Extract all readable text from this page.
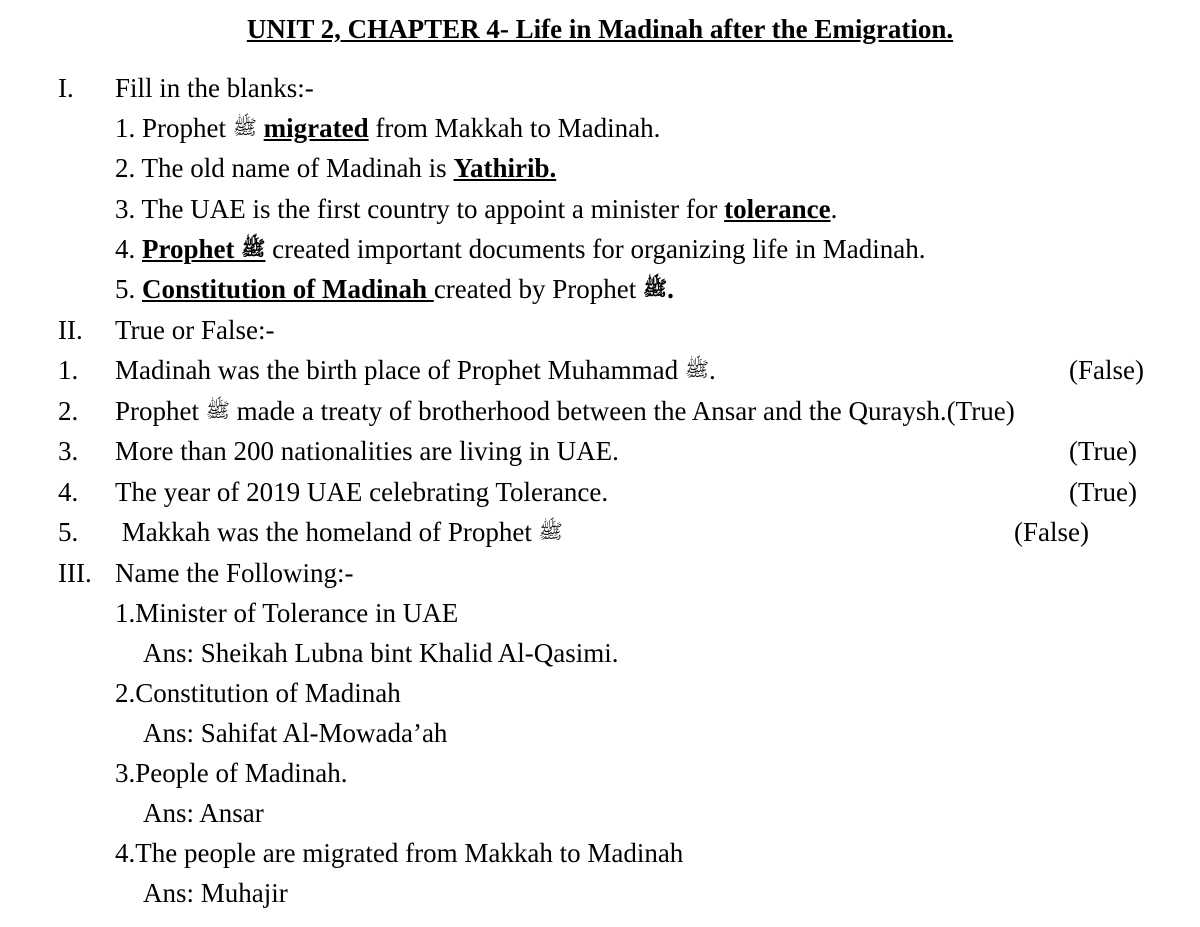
UNIT 2, CHAPTER 4- Life in Madinah after the Emigration.
I. Fill in the blanks:-
1. Prophet ﷺ migrated from Makkah to Madinah.
2. The old name of Madinah is Yathirib.
3. The UAE is the first country to appoint a minister for tolerance.
4. Prophet ﷺ created important documents for organizing life in Madinah.
5. Constitution of Madinah created by Prophet ﷺ.
II. True or False:-
1. Madinah was the birth place of Prophet Muhammad ﷺ.	(False)
2. Prophet ﷺ made a treaty of brotherhood between the Ansar and the Quraysh.(True)
3. More than 200 nationalities are living in UAE.	(True)
4. The year of 2019 UAE celebrating Tolerance.	(True)
5. Makkah was the homeland of Prophet ﷺ	(False)
III. Name the Following:-
1.Minister of Tolerance in UAE
Ans: Sheikah Lubna bint Khalid Al-Qasimi.
2.Constitution of Madinah
Ans: Sahifat Al-Mowada’ah
3.People of Madinah.
Ans: Ansar
4.The people are migrated from Makkah to Madinah
Ans: Muhajir
